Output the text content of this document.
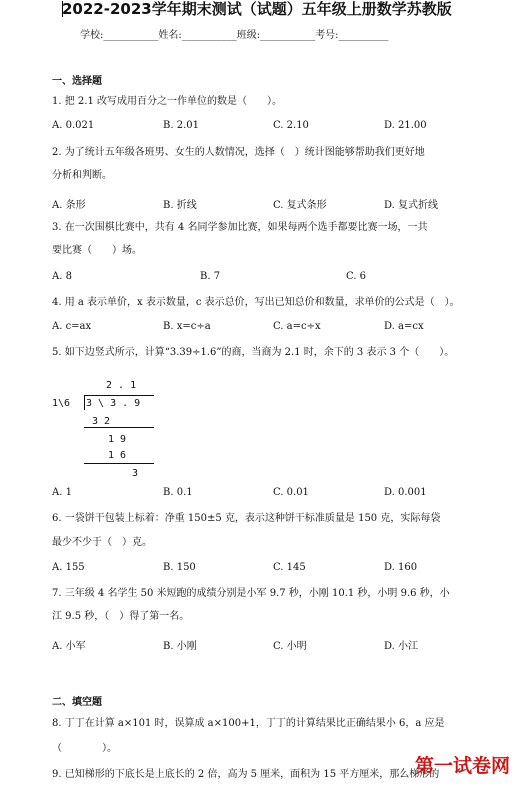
2022-2023学年期末测试（试题）五年级上册数学苏教版
学校:___________姓名:___________班级:___________考号:__________
一、选择题
1. 把 2.1 改写成用百分之一作单位的数是（　　）。
A. 0.021	B. 2.01	C. 2.10	D. 21.00
2. 为了统计五年级各班男、女生的人数情况，选择（　）统计图能够帮助我们更好地
分析和判断。
A. 条形	B. 折线	C. 复式条形	D. 复式折线
3. 在一次围棋比赛中，共有 4 名同学参加比赛，如果每两个选手都要比赛一场，一共
要比赛（　　）场。
A. 8	B. 7	C. 6
4. 用 a 表示单价，x 表示数量，c 表示总价，写出已知总价和数量，求单价的公式是（　）。
A. c=ax	B. x=c÷a	C. a=c÷x	D. a=cx
5. 如下边竖式所示，计算“3.39÷1.6”的商，当商为 2.1 时，余下的 3 表示 3 个（　　）。
2 . 1
1\6 3 \ 3 . 9
3 2
1 9
1 6
3
A. 1	B. 0.1	C. 0.01	D. 0.001
6. 一袋饼干包装上标着：净重 150±5 克，表示这种饼干标准质量是 150 克，实际每袋
最少不少于（　）克。
A. 155	B. 150	C. 145	D. 160
7. 三年级 4 名学生 50 米短跑的成绩分别是小军 9.7 秒，小刚 10.1 秒，小明 9.6 秒，小
江 9.5 秒，（　）得了第一名。
A. 小军	B. 小刚	C. 小明	D. 小江
二、填空题
8. 丁丁在计算 a×101 时，误算成 a×100+1，丁丁的计算结果比正确结果小 6，a 应是
（　　　　）。
9. 已知梯形的下底长是上底长的 2 倍，高为 5 厘米，面积为 15 平方厘米，那么梯形的
第一试卷网
